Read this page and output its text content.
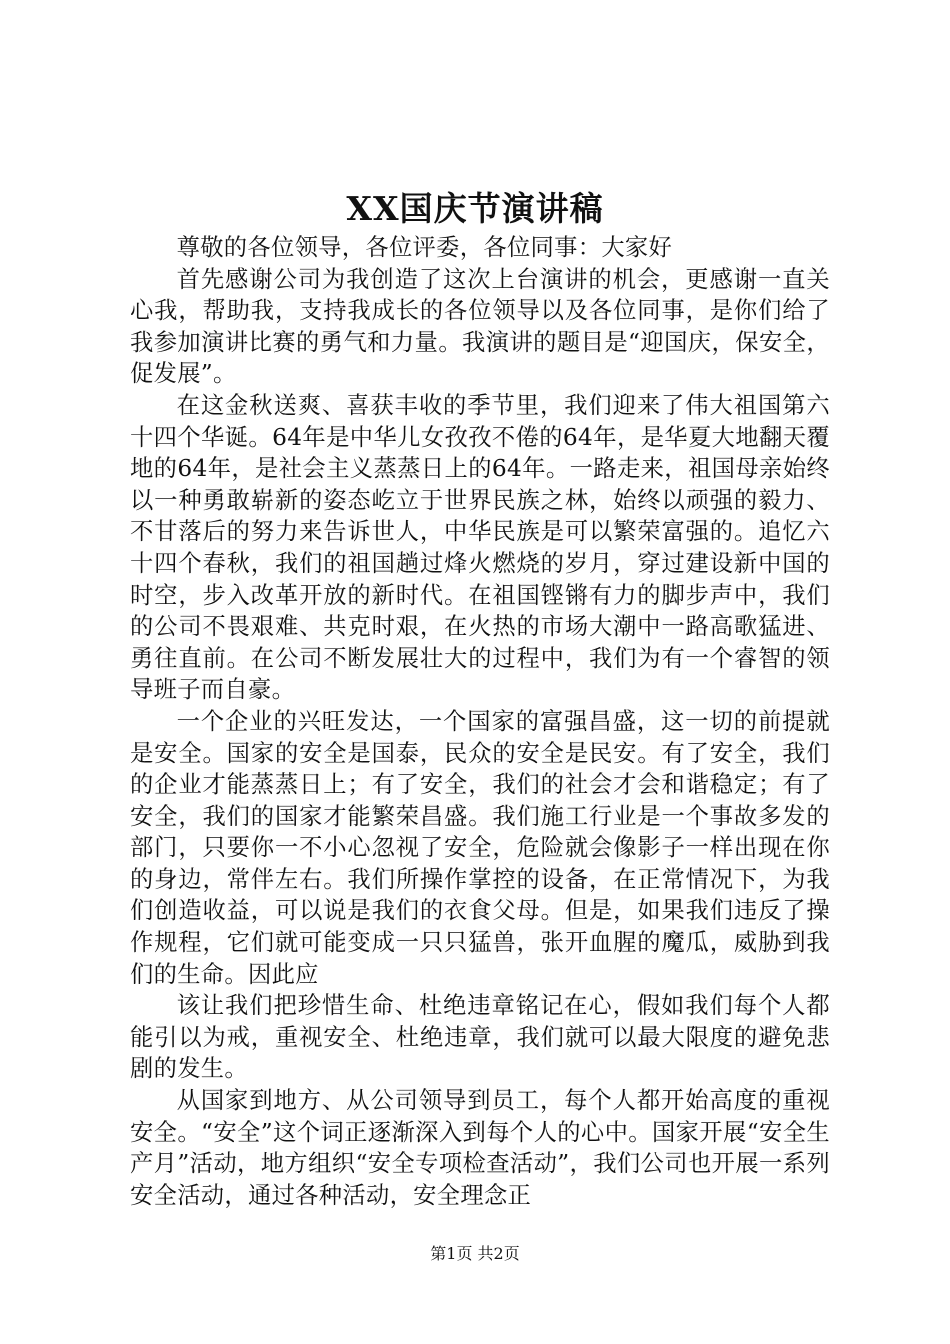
XX国庆节演讲稿

尊敬的各位领导，各位评委，各位同事：大家好

首先感谢公司为我创造了这次上台演讲的机会，更感谢一直关心我，帮助我，支持我成长的各位领导以及各位同事，是你们给了我参加演讲比赛的勇气和力量。我演讲的题目是“迎国庆，保安全，促发展”。

在这金秋送爽、喜获丰收的季节里，我们迎来了伟大祖国第六十四个华诞。64年是中华儿女孜孜不倦的64年，是华夏大地翻天覆地的64年，是社会主义蒸蒸日上的64年。一路走来，祖国母亲始终以一种勇敢崭新的姿态屹立于世界民族之林，始终以顽强的毅力、不甘落后的努力来告诉世人，中华民族是可以繁荣富强的。追忆六十四个春秋，我们的祖国趟过烽火燃烧的岁月，穿过建设新中国的时空，步入改革开放的新时代。在祖国铿锵有力的脚步声中，我们的公司不畏艰难、共克时艰，在火热的市场大潮中一路高歌猛进、勇往直前。在公司不断发展壮大的过程中，我们为有一个睿智的领导班子而自豪。

一个企业的兴旺发达，一个国家的富强昌盛，这一切的前提就是安全。国家的安全是国泰，民众的安全是民安。有了安全，我们的企业才能蒸蒸日上；有了安全，我们的社会才会和谐稳定；有了安全，我们的国家才能繁荣昌盛。我们施工行业是一个事故多发的部门，只要你一不小心忽视了安全，危险就会像影子一样出现在你的身边，常伴左右。我们所操作掌控的设备，在正常情况下，为我们创造收益，可以说是我们的衣食父母。但是，如果我们违反了操作规程，它们就可能变成一只只猛兽，张开血腥的魔瓜，威胁到我们的生命。因此应

该让我们把珍惜生命、杜绝违章铭记在心，假如我们每个人都能引以为戒，重视安全、杜绝违章，我们就可以最大限度的避免悲剧的发生。

从国家到地方、从公司领导到员工，每个人都开始高度的重视安全。“安全”这个词正逐渐深入到每个人的心中。国家开展“安全生产月”活动，地方组织“安全专项检查活动”，我们公司也开展一系列安全活动，通过各种活动，安全理念正

第1页 共2页
